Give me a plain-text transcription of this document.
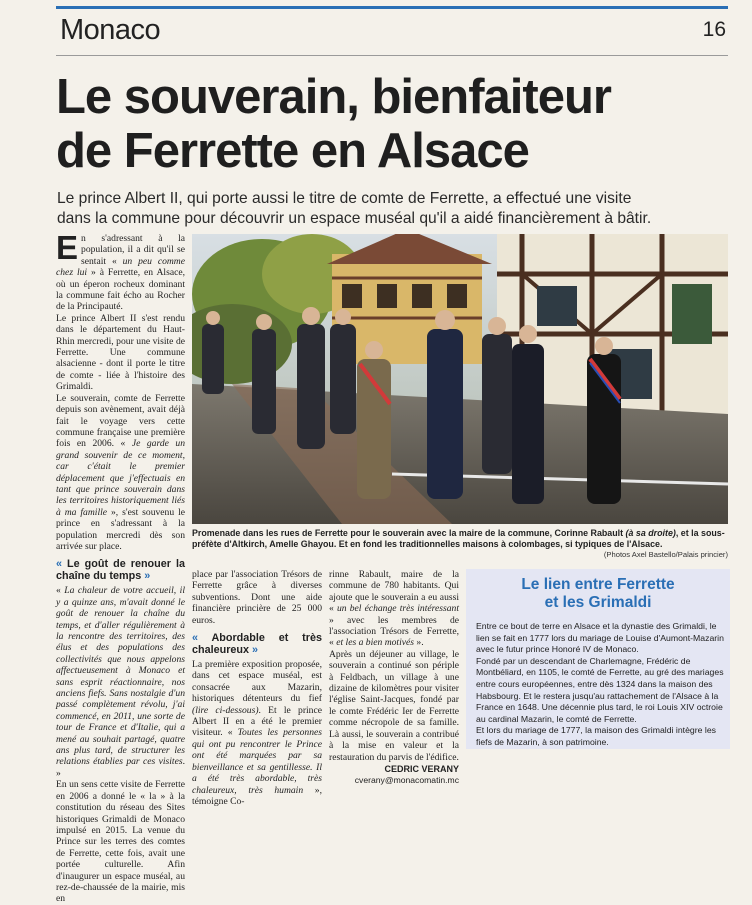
Monaco	16
Le souverain, bienfaiteur
de Ferrette en Alsace
Le prince Albert II, qui porte aussi le titre de comte de Ferrette, a effectué une visite
dans la commune pour découvrir un espace muséal qu'il a aidé financièrement à bâtir.

En s'adressant à la population, il a dit qu'il se sentait « un peu comme chez lui » à Ferrette, en Alsace, où un éperon rocheux dominant la commune fait écho au Rocher de la Principauté.

Le prince Albert II s'est rendu dans le département du Haut-Rhin mercredi, pour une visite de Ferrette. Une commune alsacienne - dont il porte le titre de comte - liée à l'histoire des Grimaldi.

Le souverain, comte de Ferrette depuis son avènement, avait déjà fait le voyage vers cette commune française une première fois en 2006. « Je garde un grand souvenir de ce moment, car c'était le premier déplacement que j'effectuais en tant que prince souverain dans les territoires historiquement liés à ma famille », s'est souvenu le prince en s'adressant à la population mercredi dès son arrivée sur place.

« Le goût de renouer la chaîne du temps »

« La chaleur de votre accueil, il y a quinze ans, m'avait donné le goût de renouer la chaîne du temps, et d'aller régulièrement à la rencontre des territoires, des élus et des populations des collectivités que nous appelons affectueusement à Monaco et sans esprit réactionnaire, nos anciens fiefs. Sans nostalgie d'un passé complètement révolu, j'ai commencé, en 2011, une sorte de tour de France et d'Italie, qui a mené au souhait partagé, quatre ans plus tard, de structurer les relations établies par ces visites. »

En un sens cette visite de Ferrette en 2006 a donné le « la » à la constitution du réseau des Sites historiques Grimaldi de Monaco impulsé en 2015. La venue du Prince sur les terres des comtes de Ferrette, cette fois, avait une portée culturelle. Afin d'inaugurer un espace muséal, au rez-de-chaussée de la mairie, mis en

Promenade dans les rues de Ferrette pour le souverain avec la maire de la commune, Corinne Rabault (à sa droite), et la sous-préfète d'Altkirch, Amelle Ghayou. Et en fond les traditionnelles maisons à colombages, si typiques de l'Alsace.
(Photos Axel Bastello/Palais princier)

place par l'association Trésors de Ferrette grâce à diverses subventions. Dont une aide financière princière de 25 000 euros.

« Abordable et très chaleureux »

La première exposition proposée, dans cet espace muséal, est consacrée aux Mazarin, historiques détenteurs du fief (lire ci-dessous). Et le prince Albert II en a été le premier visiteur. « Toutes les personnes qui ont pu rencontrer le Prince ont été marquées par sa bienveillance et sa gentillesse. Il a été très abordable, très chaleureux, très humain », témoigne Co-

rinne Rabault, maire de la commune de 780 habitants. Qui ajoute que le souverain a eu aussi « un bel échange très intéressant » avec les membres de l'association Trésors de Ferrette, « et les a bien motivés ».

Après un déjeuner au village, le souverain a continué son périple à Feldbach, un village à une dizaine de kilomètres pour visiter l'église Saint-Jacques, fondé par le comte Frédéric Ier de Ferrette comme nécropole de sa famille. Là aussi, le souverain a contribué à la mise en valeur et la restauration du parvis de l'édifice.

CEDRIC VERANY
cverany@monacomatin.mc
Le lien entre Ferrette
et les Grimaldi

Entre ce bout de terre en Alsace et la dynastie des Grimaldi, le lien se fait en 1777 lors du mariage de Louise d'Aumont-Mazarin avec le futur prince Honoré IV de Monaco.

Fondé par un descendant de Charlemagne, Frédéric de Montbéliard, en 1105, le comté de Ferrette, au gré des mariages entre cours européennes, entre dès 1324 dans la maison des Habsbourg. Et le restera jusqu'au rattachement de l'Alsace à la France en 1648. Une décennie plus tard, le roi Louis XIV octroie au cardinal Mazarin, le comté de Ferrette.

Et lors du mariage de 1777, la maison des Grimaldi intègre les fiefs de Mazarin, à son patrimoine.
